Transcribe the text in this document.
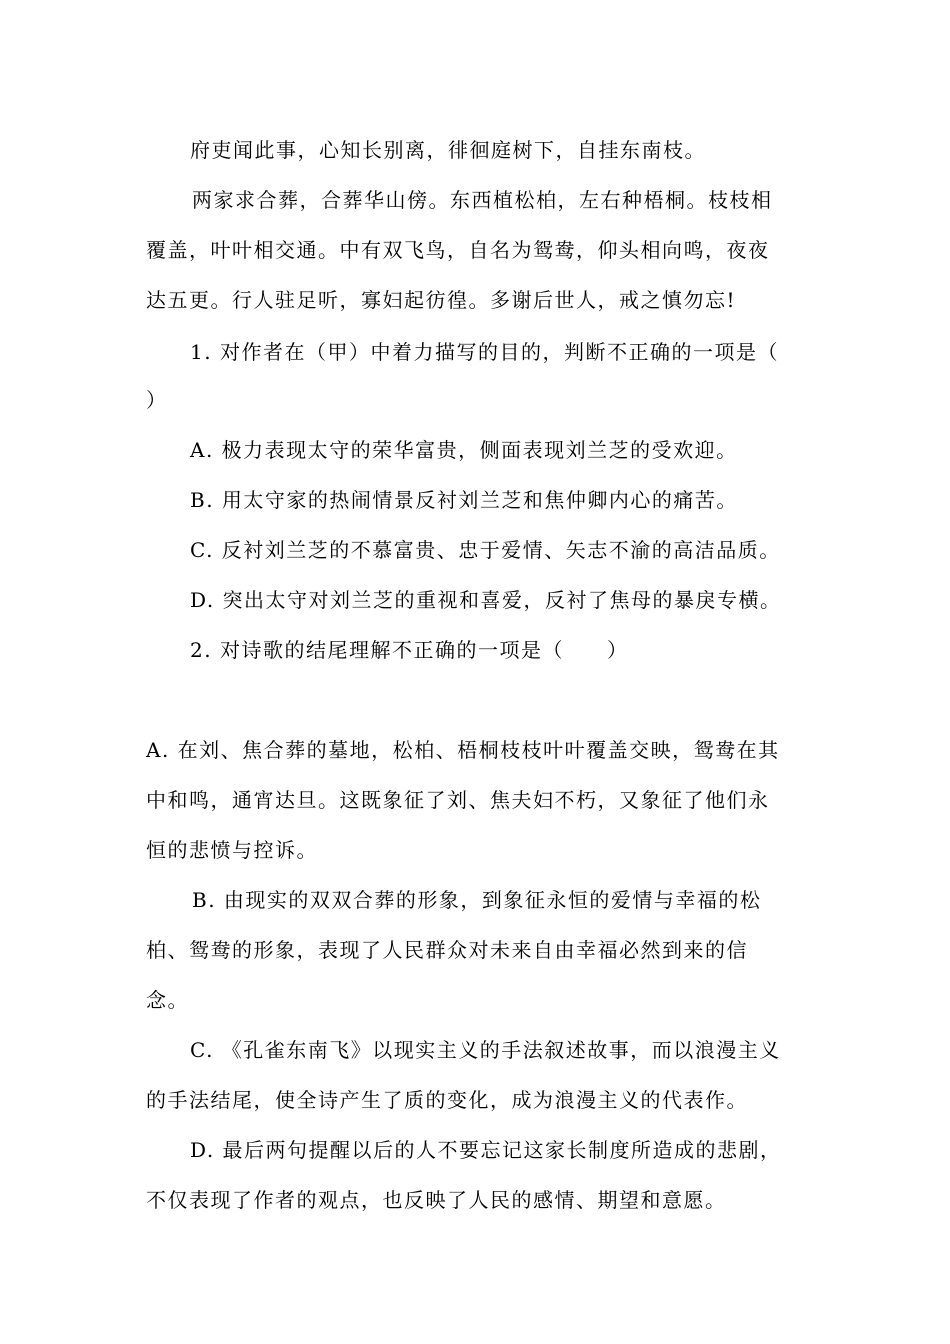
府吏闻此事，心知长别离，徘徊庭树下，自挂东南枝。
两家求合葬，合葬华山傍。东西植松柏，左右种梧桐。枝枝相
覆盖，叶叶相交通。中有双飞鸟，自名为鸳鸯，仰头相向鸣，夜夜
达五更。行人驻足听，寡妇起彷徨。多谢后世人，戒之慎勿忘!
1. 对作者在（甲）中着力描写的目的，判断不正确的一项是（
）
A. 极力表现太守的荣华富贵，侧面表现刘兰芝的受欢迎。
B. 用太守家的热闹情景反衬刘兰芝和焦仲卿内心的痛苦。
C. 反衬刘兰芝的不慕富贵、忠于爱情、矢志不渝的高洁品质。
D. 突出太守对刘兰芝的重视和喜爱，反衬了焦母的暴戾专横。
2. 对诗歌的结尾理解不正确的一项是（　　）
A. 在刘、焦合葬的墓地，松柏、梧桐枝枝叶叶覆盖交映，鸳鸯在其
中和鸣，通宵达旦。这既象征了刘、焦夫妇不朽，又象征了他们永
恒的悲愤与控诉。
B. 由现实的双双合葬的形象，到象征永恒的爱情与幸福的松
柏、鸳鸯的形象，表现了人民群众对未来自由幸福必然到来的信
念。
C. 《孔雀东南飞》以现实主义的手法叙述故事，而以浪漫主义
的手法结尾，使全诗产生了质的变化，成为浪漫主义的代表作。
D. 最后两句提醒以后的人不要忘记这家长制度所造成的悲剧，
不仅表现了作者的观点，也反映了人民的感情、期望和意愿。
